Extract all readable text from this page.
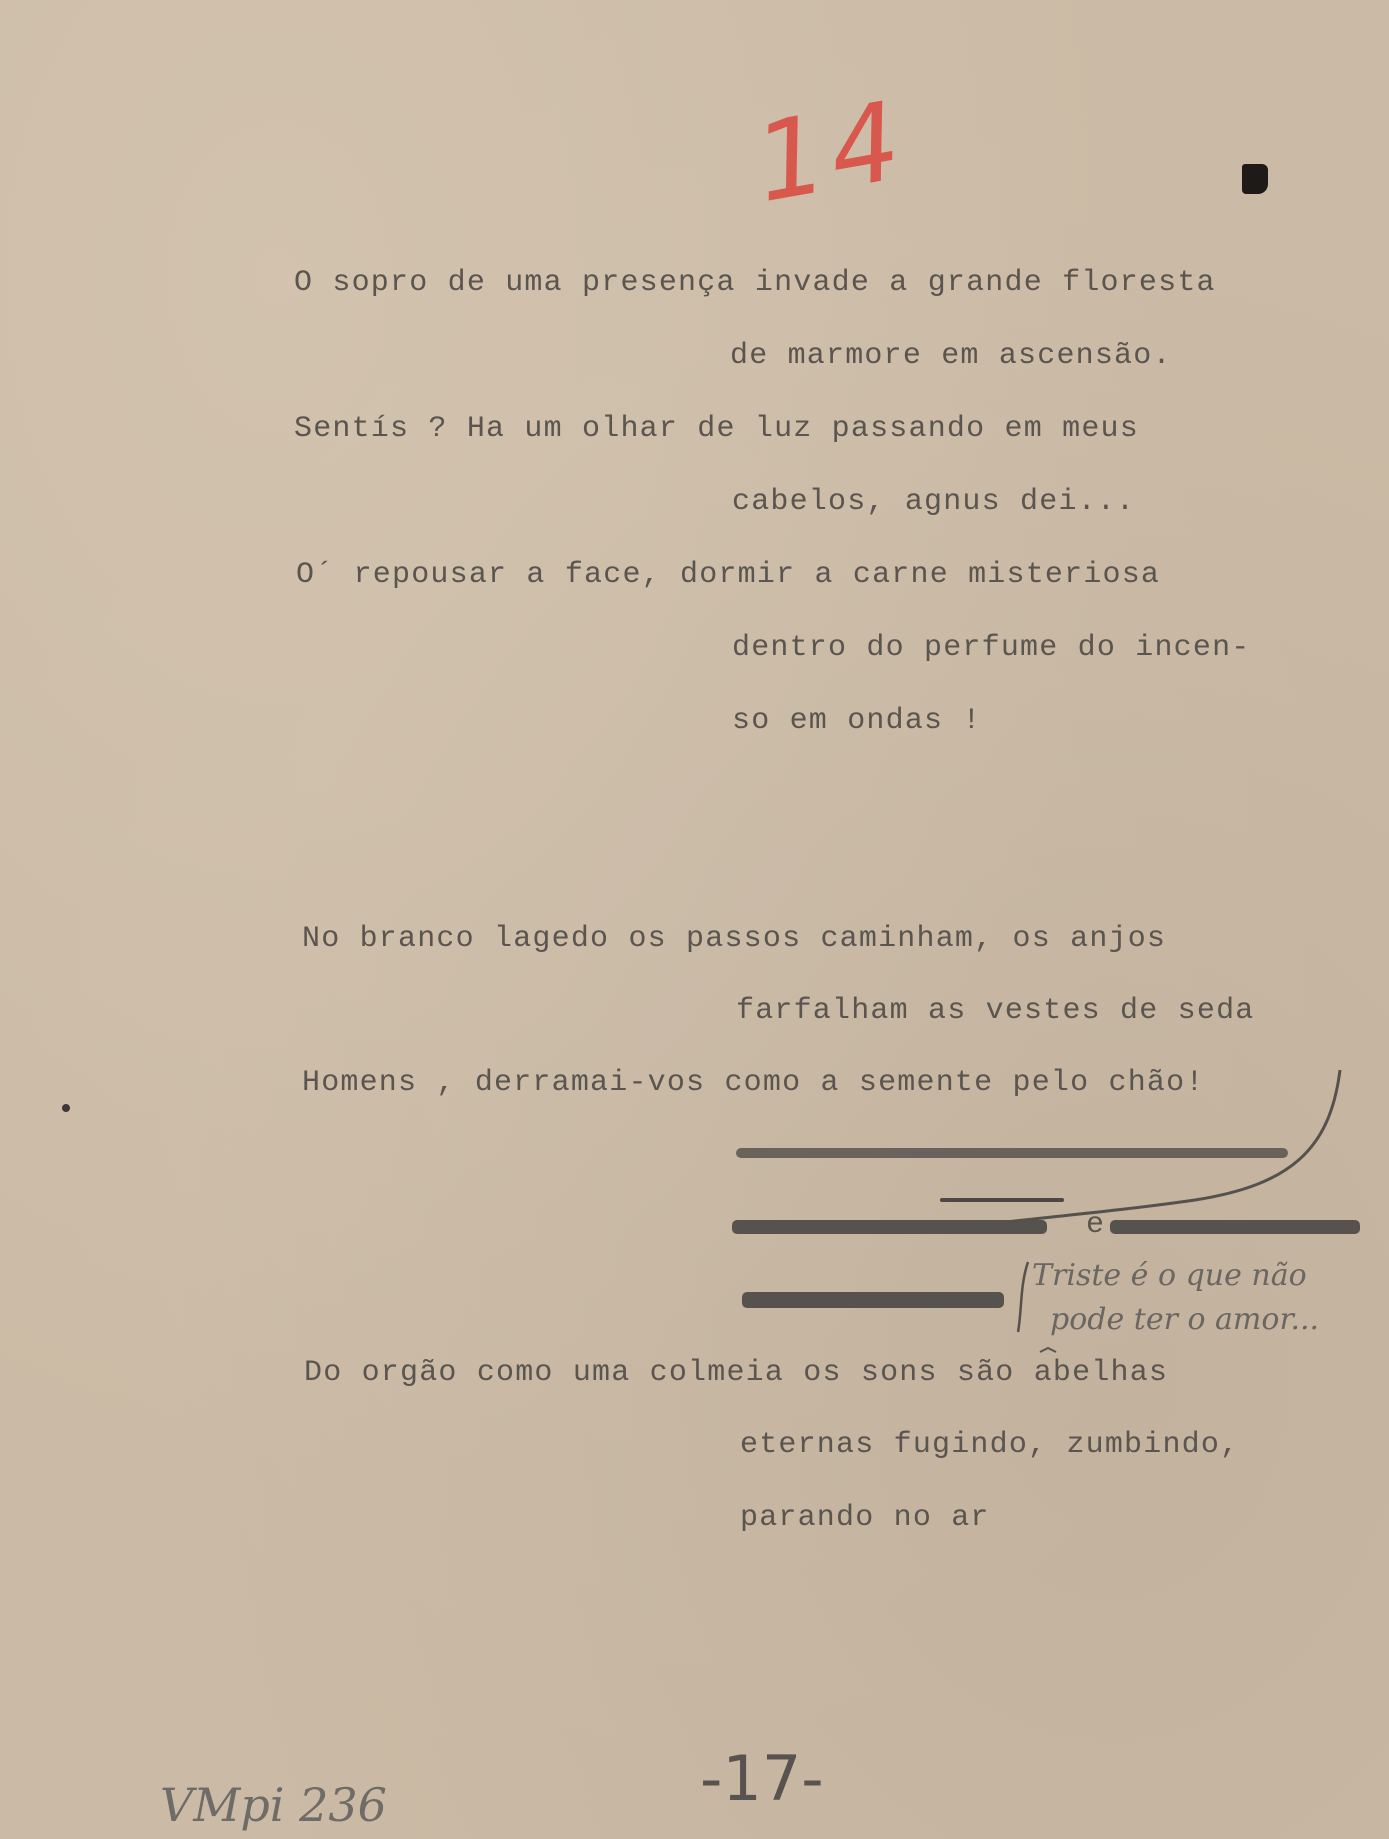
14
O sopro de uma presença invade a grande floresta
de marmore em ascensão.
Sentís ? Ha um olhar de luz passando em meus
cabelos, agnus dei...
O´ repousar a face, dormir a carne misteriosa
dentro do perfume do incen-
so em ondas !
No branco lagedo os passos caminham, os anjos
farfalham as vestes de seda
Homens , derramai-vos como a semente pelo chão!
e
Triste é o que não
pode ter o amor...
Do orgão como uma colmeia os sons são abelhas
eternas fugindo, zumbindo,
parando no ar
-17-
VMpi 236
